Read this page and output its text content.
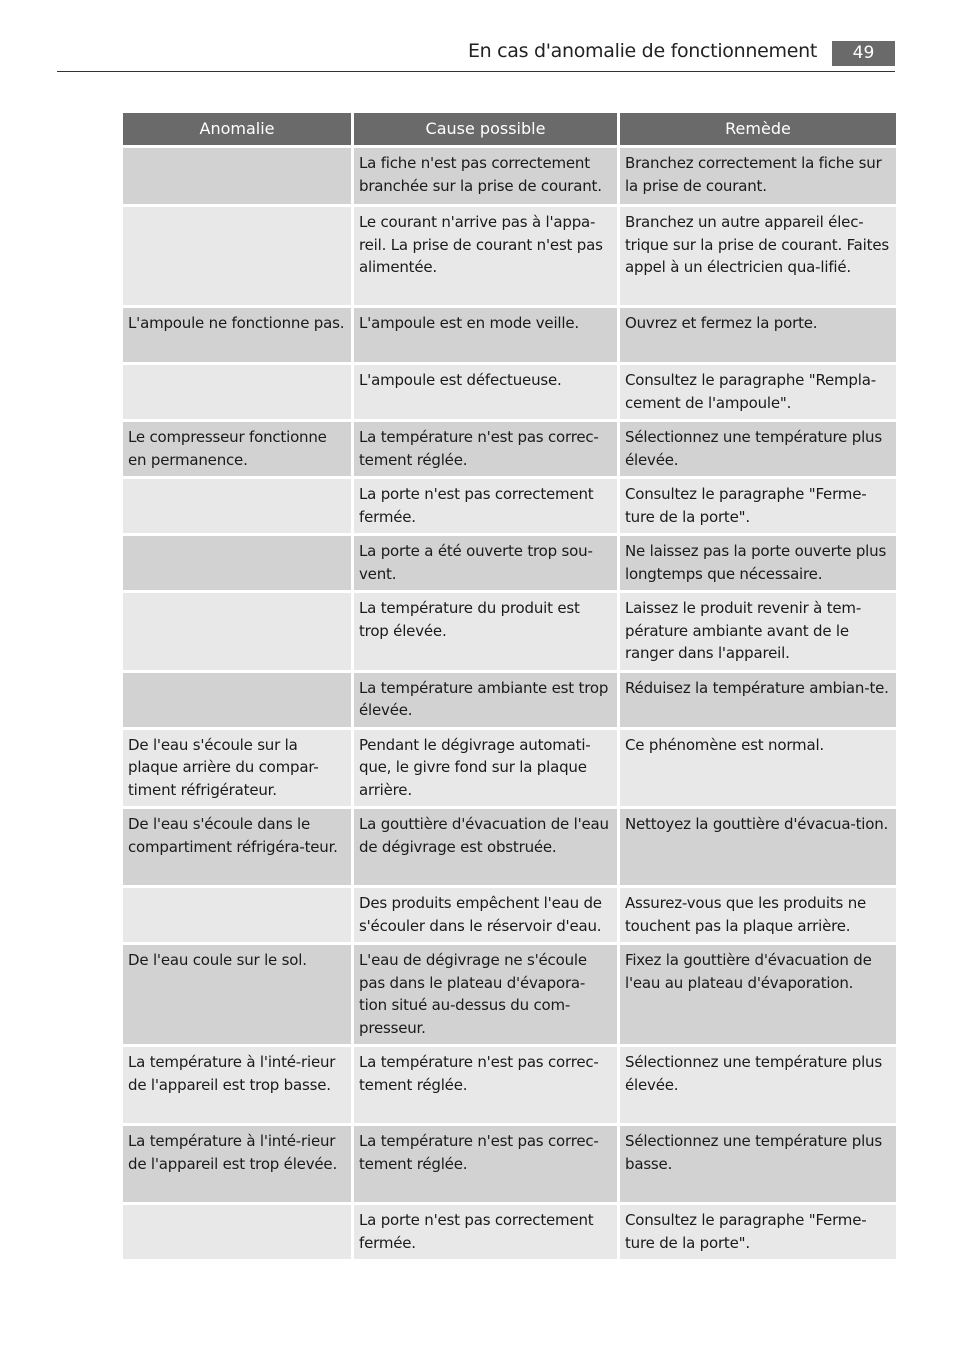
En cas d'anomalie de fonctionnement	49
Anomalie	Cause possible	Remède
	La fiche n'est pas correctement branchée sur la prise de courant.	Branchez correctement la fiche sur la prise de courant.
	Le courant n'arrive pas à l'appa-reil. La prise de courant n'est pas alimentée.	Branchez un autre appareil élec-trique sur la prise de courant. Faites appel à un électricien qua-lifié.
L'ampoule ne fonctionne pas.	L'ampoule est en mode veille.	Ouvrez et fermez la porte.
	L'ampoule est défectueuse.	Consultez le paragraphe "Rempla-cement de l'ampoule".
Le compresseur fonctionne en permanence.	La température n'est pas correc-tement réglée.	Sélectionnez une température plus élevée.
	La porte n'est pas correctement fermée.	Consultez le paragraphe "Ferme-ture de la porte".
	La porte a été ouverte trop sou-vent.	Ne laissez pas la porte ouverte plus longtemps que nécessaire.
	La température du produit est trop élevée.	Laissez le produit revenir à tem-pérature ambiante avant de le ranger dans l'appareil.
	La température ambiante est trop élevée.	Réduisez la température ambian-te.
De l'eau s'écoule sur la plaque arrière du compar-timent réfrigérateur.	Pendant le dégivrage automati-que, le givre fond sur la plaque arrière.	Ce phénomène est normal.
De l'eau s'écoule dans le compartiment réfrigéra-teur.	La gouttière d'évacuation de l'eau de dégivrage est obstruée.	Nettoyez la gouttière d'évacua-tion.
	Des produits empêchent l'eau de s'écouler dans le réservoir d'eau.	Assurez-vous que les produits ne touchent pas la plaque arrière.
De l'eau coule sur le sol.	L'eau de dégivrage ne s'écoule pas dans le plateau d'évapora-tion situé au-dessus du com-presseur.	Fixez la gouttière d'évacuation de l'eau au plateau d'évaporation.
La température à l'inté-rieur de l'appareil est trop basse.	La température n'est pas correc-tement réglée.	Sélectionnez une température plus élevée.
La température à l'inté-rieur de l'appareil est trop élevée.	La température n'est pas correc-tement réglée.	Sélectionnez une température plus basse.
	La porte n'est pas correctement fermée.	Consultez le paragraphe "Ferme-ture de la porte".
